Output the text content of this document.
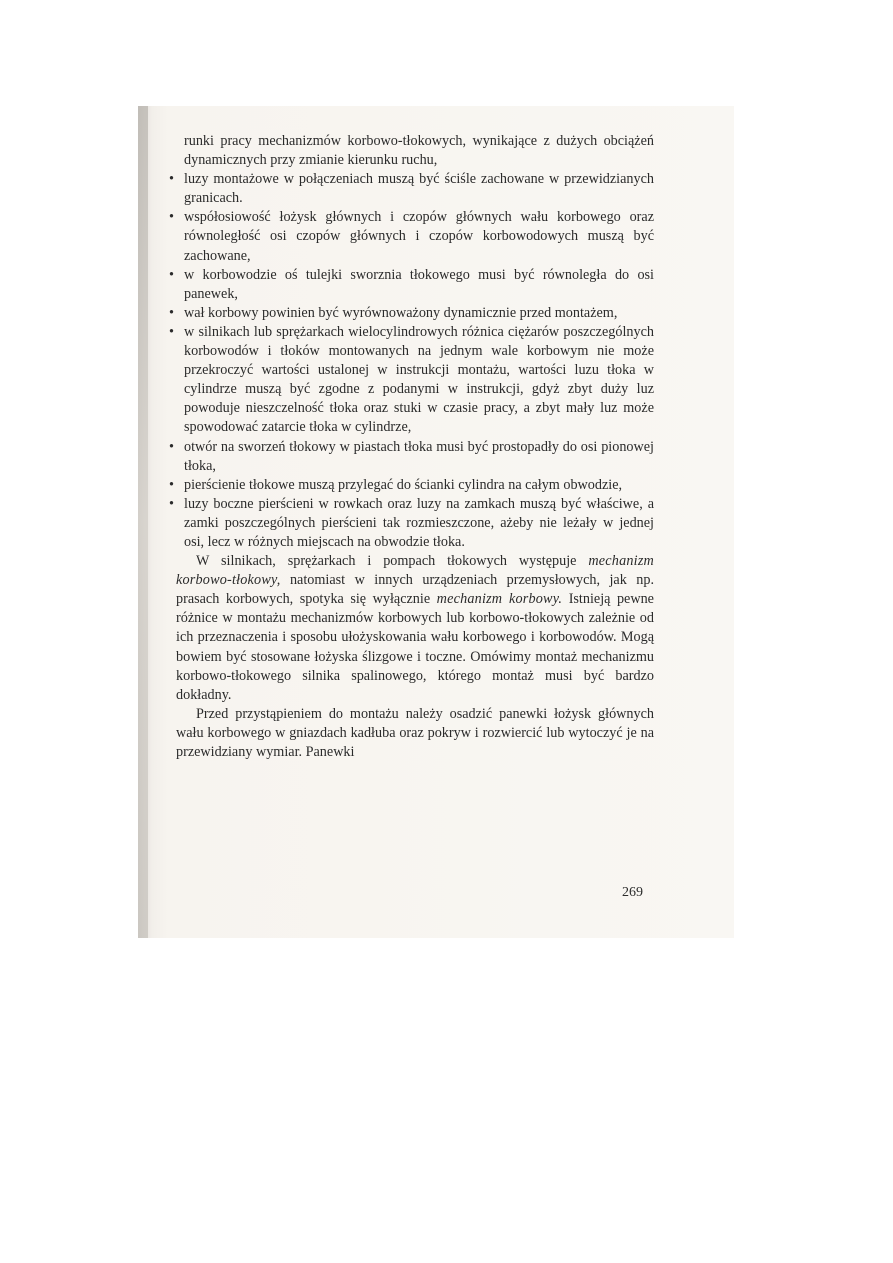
runki pracy mechanizmów korbowo-tłokowych, wynikające z dużych obciążeń dynamicznych przy zmianie kierunku ruchu,
• luzy montażowe w połączeniach muszą być ściśle zachowane w przewidzianych granicach.
• współosiowość łożysk głównych i czopów głównych wału korbowego oraz równoległość osi czopów głównych i czopów korbowodowych muszą być zachowane,
• w korbowodzie oś tulejki sworznia tłokowego musi być równoległa do osi panewek,
• wał korbowy powinien być wyrównoważony dynamicznie przed montażem,
• w silnikach lub sprężarkach wielocylindrowych różnica ciężarów poszczególnych korbowodów i tłoków montowanych na jednym wale korbowym nie może przekroczyć wartości ustalonej w instrukcji montażu, wartości luzu tłoka w cylindrze muszą być zgodne z podanymi w instrukcji, gdyż zbyt duży luz powoduje nieszczelność tłoka oraz stuki w czasie pracy, a zbyt mały luz może spowodować zatarcie tłoka w cylindrze,
• otwór na sworzeń tłokowy w piastach tłoka musi być prostopadły do osi pionowej tłoka,
• pierścienie tłokowe muszą przylegać do ścianki cylindra na całym obwodzie,
• luzy boczne pierścieni w rowkach oraz luzy na zamkach muszą być właściwe, a zamki poszczególnych pierścieni tak rozmieszczone, ażeby nie leżały w jednej osi, lecz w różnych miejscach na obwodzie tłoka.

W silnikach, sprężarkach i pompach tłokowych występuje mechanizm korbowo-tłokowy, natomiast w innych urządzeniach przemysłowych, jak np. prasach korbowych, spotyka się wyłącznie mechanizm korbowy. Istnieją pewne różnice w montażu mechanizmów korbowych lub korbowo-tłokowych zależnie od ich przeznaczenia i sposobu ułożyskowania wału korbowego i korbowodów. Mogą bowiem być stosowane łożyska ślizgowe i toczne. Omówimy montaż mechanizmu korbowo-tłokowego silnika spalinowego, którego montaż musi być bardzo dokładny.

Przed przystąpieniem do montażu należy osadzić panewki łożysk głównych wału korbowego w gniazdach kadłuba oraz pokryw i rozwiercić lub wytoczyć je na przewidziany wymiar. Panewki

269
